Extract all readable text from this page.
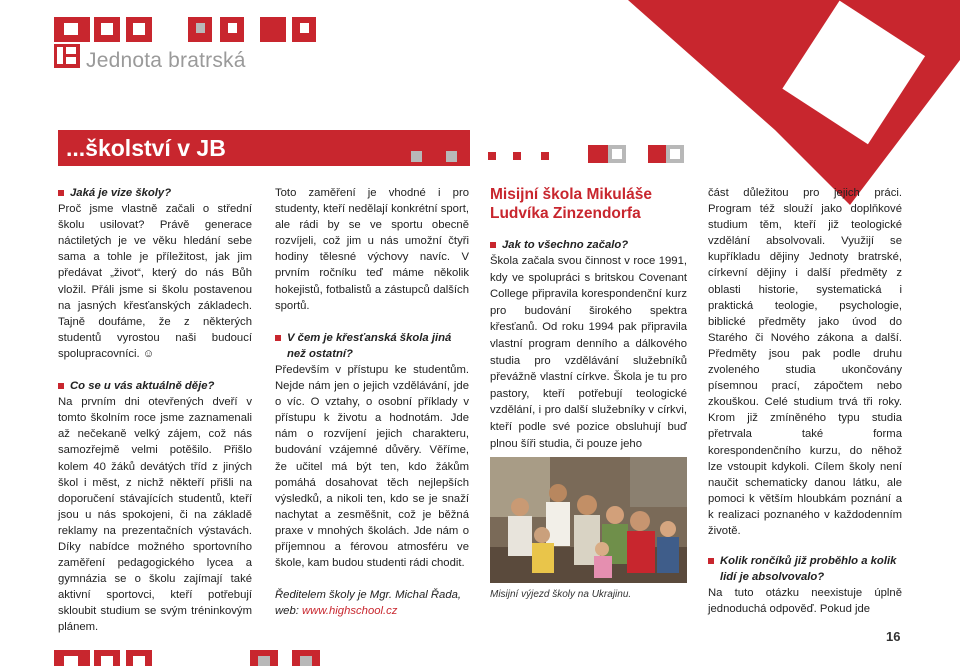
Jednota bratrská
...školství v JB

Jaká je vize školy?

Proč jsme vlastně začali o střední školu usilovat? Právě generace náctiletých je ve věku hledání sebe sama a tohle je příležitost, jak jim předávat „život“, který do nás Bůh vložil. Přáli jsme si školu postavenou na jasných křesťanských základech. Tajně doufáme, že z některých studentů vyrostou naši budoucí spolupracovníci. ☺

Co se u vás aktuálně děje?

Na prvním dni otevřených dveří v tomto školním roce jsme zaznamenali až nečekaně velký zájem, což nás samozřejmě velmi potěšilo. Přišlo kolem 40 žáků devátých tříd z jiných škol i měst, z nichž někteří přišli na doporučení stávajících studentů, kteří jsou u nás spokojeni, či na základě reklamy na prezentačních výstavách. Díky nabídce možného sportovního zaměření pedagogického lycea a gymnázia se o školu zajímají také aktivní sportovci, kteří potřebují skloubit studium se svým tréninkovým plánem.

Toto zaměření je vhodné i pro studenty, kteří nedělají konkrétní sport, ale rádi by se ve sportu obecně rozvíjeli, což jim u nás umožní čtyři hodiny tělesné výchovy navíc. V prvním ročníku teď máme několik hokejistů, fotbalistů a zástupců dalších sportů.

V čem je křesťanská škola jiná než ostatní?

Především v přístupu ke studentům. Nejde nám jen o jejich vzdělávání, jde o víc. O vztahy, o osobní příklady v přístupu k životu a hodnotám. Jde nám o rozvíjení jejich charakteru, budování vzájemné důvěry. Věříme, že učitel má být ten, kdo žákům pomáhá dosahovat těch nejlepších výsledků, a nikoli ten, kdo se je snaží nachytat a zesměšnit, což je běžná praxe v mnohých školách. Jde nám o příjemnou a férovou atmosféru ve škole, kam budou studenti rádi chodit.

Ředitelem školy je Mgr. Michal Řada,

web: www.highschool.cz

Misijní škola Mikuláše Ludvíka Zinzendorfa

Jak to všechno začalo?

Škola začala svou činnost v roce 1991, kdy ve spolupráci s britskou Covenant College připravila korespondenční kurz pro budování širokého spektra křesťanů. Od roku 1994 pak připravila vlastní program denního a dálkového studia pro vzdělávání služebníků převážně vlastní církve. Škola je tu pro pastory, kteří potřebují teologické vzdělání, i pro další služebníky v církvi, kteří podle své pozice obsluhují buď plnou šíři studia, či pouze jeho

Misijní výjezd školy na Ukrajinu.

část důležitou pro jejich práci. Program též slouží jako doplňkové studium těm, kteří již teologické vzdělání absolvovali. Využijí se kupříkladu dějiny Jednoty bratrské, církevní dějiny i další předměty z oblasti historie, systematická i praktická teologie, psychologie, biblické předměty jako úvod do Starého či Nového zákona a další. Předměty jsou pak podle druhu zvoleného studia ukončovány písemnou prací, zápočtem nebo zkouškou. Celé studium trvá tři roky. Krom již zmíněného typu studia přetrvala také forma korespondenčního kurzu, do něhož lze vstoupit kdykoli. Cílem školy není naučit schematicky danou látku, ale pomoci k větším hloubkám poznání a k realizaci poznaného v každodenním životě.

Kolik rončíků již proběhlo a kolik lidí je absolvovalo?

Na tuto otázku neexistuje úplně jednoduchá odpověď. Pokud jde

16
